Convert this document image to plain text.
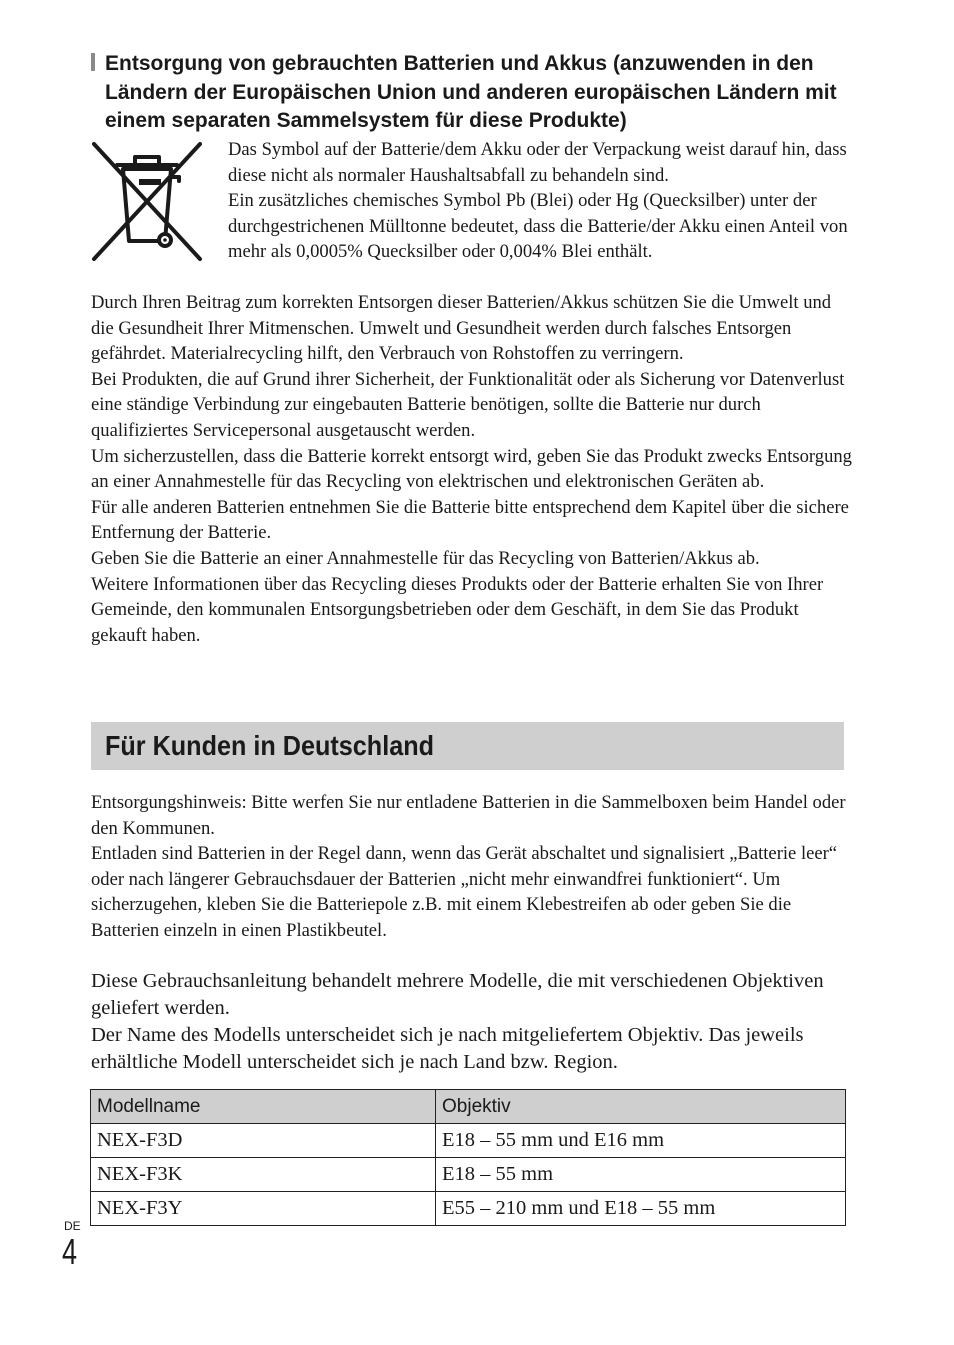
Entsorgung von gebrauchten Batterien und Akkus (anzuwenden in den Ländern der Europäischen Union und anderen europäischen Ländern mit einem separaten Sammelsystem für diese Produkte)
Das Symbol auf der Batterie/dem Akku oder der Verpackung weist darauf hin, dass diese nicht als normaler Haushaltsabfall zu behandeln sind.
Ein zusätzliches chemisches Symbol Pb (Blei) oder Hg (Quecksilber) unter der durchgestrichenen Mülltonne bedeutet, dass die Batterie/der Akku einen Anteil von mehr als 0,0005% Quecksilber oder 0,004% Blei enthält.
Durch Ihren Beitrag zum korrekten Entsorgen dieser Batterien/Akkus schützen Sie die Umwelt und die Gesundheit Ihrer Mitmenschen. Umwelt und Gesundheit werden durch falsches Entsorgen gefährdet. Materialrecycling hilft, den Verbrauch von Rohstoffen zu verringern.
Bei Produkten, die auf Grund ihrer Sicherheit, der Funktionalität oder als Sicherung vor Datenverlust eine ständige Verbindung zur eingebauten Batterie benötigen, sollte die Batterie nur durch qualifiziertes Servicepersonal ausgetauscht werden.
Um sicherzustellen, dass die Batterie korrekt entsorgt wird, geben Sie das Produkt zwecks Entsorgung an einer Annahmestelle für das Recycling von elektrischen und elektronischen Geräten ab.
Für alle anderen Batterien entnehmen Sie die Batterie bitte entsprechend dem Kapitel über die sichere Entfernung der Batterie.
Geben Sie die Batterie an einer Annahmestelle für das Recycling von Batterien/Akkus ab.
Weitere Informationen über das Recycling dieses Produkts oder der Batterie erhalten Sie von Ihrer Gemeinde, den kommunalen Entsorgungsbetrieben oder dem Geschäft, in dem Sie das Produkt gekauft haben.
Für Kunden in Deutschland
Entsorgungshinweis: Bitte werfen Sie nur entladene Batterien in die Sammelboxen beim Handel oder den Kommunen.
Entladen sind Batterien in der Regel dann, wenn das Gerät abschaltet und signalisiert „Batterie leer“ oder nach längerer Gebrauchsdauer der Batterien „nicht mehr einwandfrei funktioniert“. Um sicherzugehen, kleben Sie die Batteriepole z.B. mit einem Klebestreifen ab oder geben Sie die Batterien einzeln in einen Plastikbeutel.
Diese Gebrauchsanleitung behandelt mehrere Modelle, die mit verschiedenen Objektiven geliefert werden.
Der Name des Modells unterscheidet sich je nach mitgeliefertem Objektiv. Das jeweils erhältliche Modell unterscheidet sich je nach Land bzw. Region.
Modellname	Objektiv
NEX-F3D	E18 – 55 mm und E16 mm
NEX-F3K	E18 – 55 mm
NEX-F3Y	E55 – 210 mm und E18 – 55 mm
DE
4
